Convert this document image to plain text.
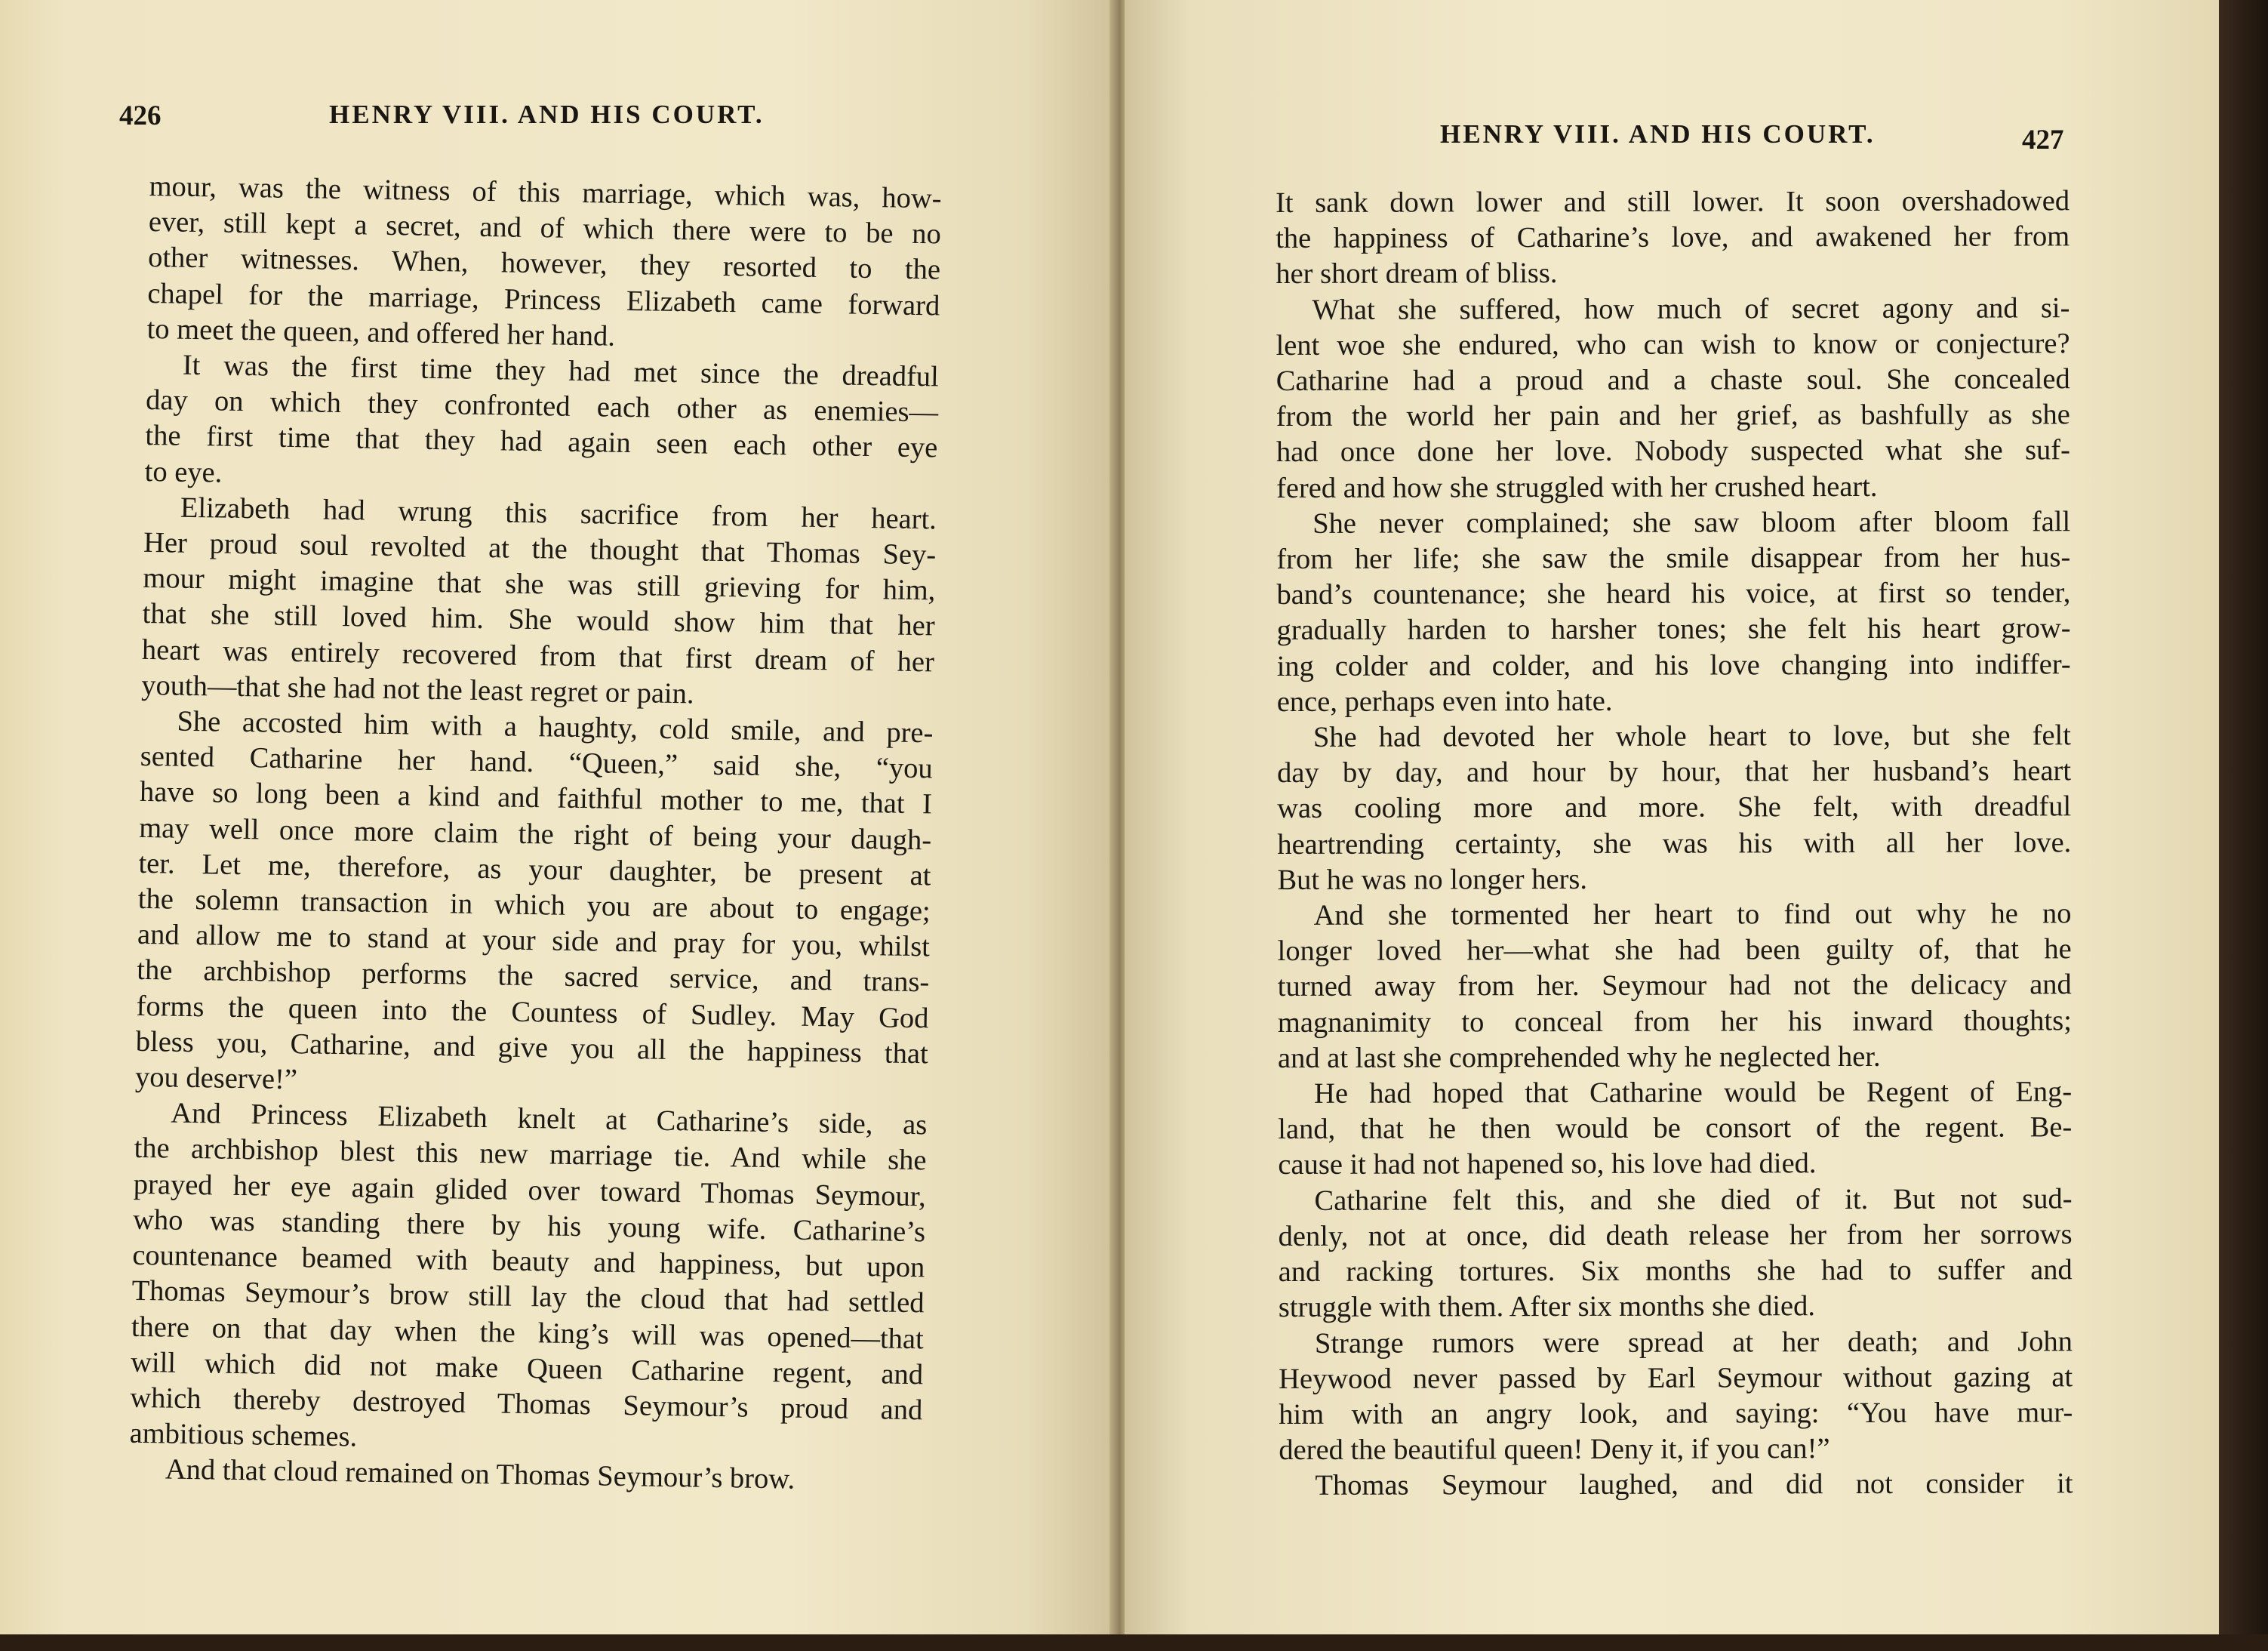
426	HENRY VIII. AND HIS COURT.
mour, was the witness of this marriage, which was, how-
ever, still kept a secret, and of which there were to be no
other witnesses. When, however, they resorted to the
chapel for the marriage, Princess Elizabeth came forward
to meet the queen, and offered her hand.
It was the first time they had met since the dreadful
day on which they confronted each other as enemies—
the first time that they had again seen each other eye
to eye.
Elizabeth had wrung this sacrifice from her heart.
Her proud soul revolted at the thought that Thomas Sey-
mour might imagine that she was still grieving for him,
that she still loved him. She would show him that her
heart was entirely recovered from that first dream of her
youth—that she had not the least regret or pain.
She accosted him with a haughty, cold smile, and pre-
sented Catharine her hand. “Queen,” said she, “you
have so long been a kind and faithful mother to me, that I
may well once more claim the right of being your daugh-
ter. Let me, therefore, as your daughter, be present at
the solemn transaction in which you are about to engage;
and allow me to stand at your side and pray for you, whilst
the archbishop performs the sacred service, and trans-
forms the queen into the Countess of Sudley. May God
bless you, Catharine, and give you all the happiness that
you deserve!”
And Princess Elizabeth knelt at Catharine’s side, as
the archbishop blest this new marriage tie. And while she
prayed her eye again glided over toward Thomas Seymour,
who was standing there by his young wife. Catharine’s
countenance beamed with beauty and happiness, but upon
Thomas Seymour’s brow still lay the cloud that had settled
there on that day when the king’s will was opened—that
will which did not make Queen Catharine regent, and
which thereby destroyed Thomas Seymour’s proud and
ambitious schemes.
And that cloud remained on Thomas Seymour’s brow.
HENRY VIII. AND HIS COURT.	427
It sank down lower and still lower. It soon overshadowed
the happiness of Catharine’s love, and awakened her from
her short dream of bliss.
What she suffered, how much of secret agony and si-
lent woe she endured, who can wish to know or conjecture?
Catharine had a proud and a chaste soul. She concealed
from the world her pain and her grief, as bashfully as she
had once done her love. Nobody suspected what she suf-
fered and how she struggled with her crushed heart.
She never complained; she saw bloom after bloom fall
from her life; she saw the smile disappear from her hus-
band’s countenance; she heard his voice, at first so tender,
gradually harden to harsher tones; she felt his heart grow-
ing colder and colder, and his love changing into indiffer-
ence, perhaps even into hate.
She had devoted her whole heart to love, but she felt
day by day, and hour by hour, that her husband’s heart
was cooling more and more. She felt, with dreadful
heartrending certainty, she was his with all her love.
But he was no longer hers.
And she tormented her heart to find out why he no
longer loved her—what she had been guilty of, that he
turned away from her. Seymour had not the delicacy and
magnanimity to conceal from her his inward thoughts;
and at last she comprehended why he neglected her.
He had hoped that Catharine would be Regent of Eng-
land, that he then would be consort of the regent. Be-
cause it had not hapened so, his love had died.
Catharine felt this, and she died of it. But not sud-
denly, not at once, did death release her from her sorrows
and racking tortures. Six months she had to suffer and
struggle with them. After six months she died.
Strange rumors were spread at her death; and John
Heywood never passed by Earl Seymour without gazing at
him with an angry look, and saying: “You have mur-
dered the beautiful queen! Deny it, if you can!”
Thomas Seymour laughed, and did not consider it
